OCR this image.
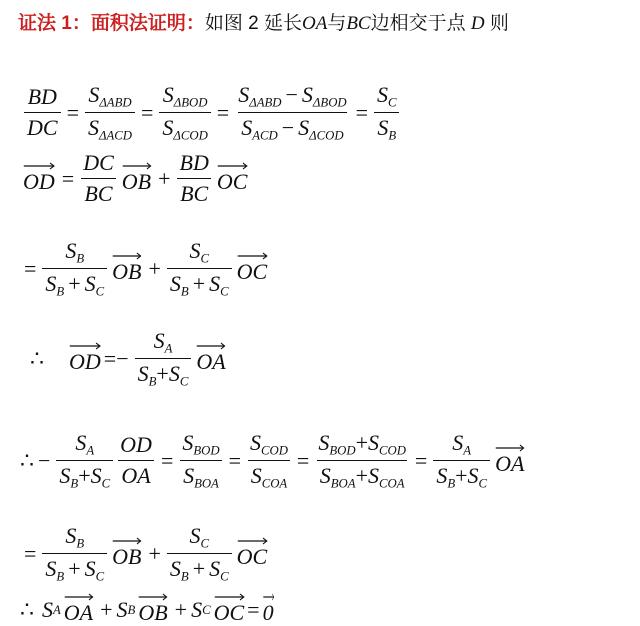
证法 1：面积法证明：如图 2 延长OA与BC边相交于点 D 则
$\frac{BD}{DC} = \frac{S_{\Delta ABD}}{S_{\Delta ACD}} = \frac{S_{\Delta BOD}}{S_{\Delta COD}} = \frac{S_{\Delta ABD} - S_{\Delta BOD}}{S_{ACD} - S_{\Delta COD}} = \frac{S_C}{S_B}$
OD = $\frac{DC}{BC}$ OB + $\frac{BD}{BC}$ OC
= $\frac{S_B}{S_B + S_C}$ OB + $\frac{S_C}{S_B + S_C}$ OC
∴ OD = − $\frac{S_A}{S_B+S_C}$ OA
∴ − $\frac{S_A}{S_B+S_C} \frac{OD}{OA} = \frac{S_{BOD}}{S_{BOA}} = \frac{S_{COD}}{S_{COA}} = \frac{S_{BOD}+S_{COD}}{S_{BOA}+S_{COA}} = \frac{S_A}{S_B+S_C}$ OA
= $\frac{S_B}{S_B + S_C}$ OB + $\frac{S_C}{S_B + S_C}$ OC
∴ S A OA + S B OB + S C OC = 0
